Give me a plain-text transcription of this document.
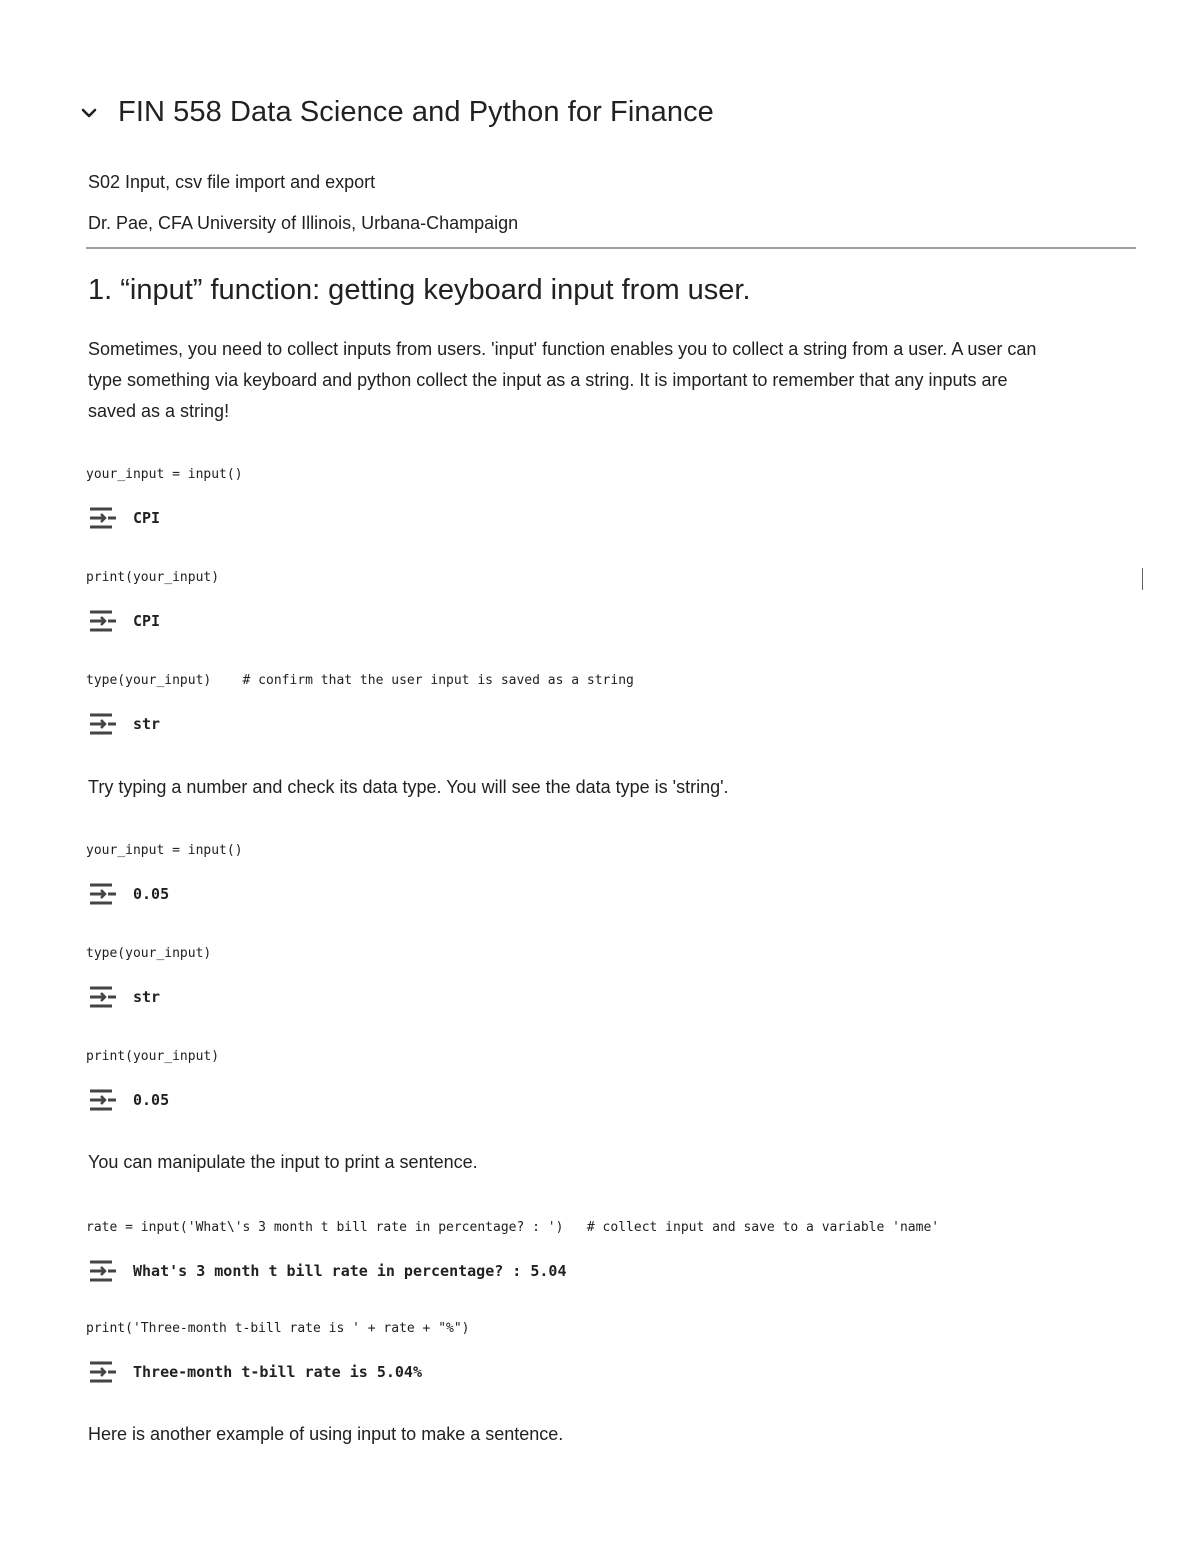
FIN 558 Data Science and Python for Finance
S02 Input, csv file import and export
Dr. Pae, CFA University of Illinois, Urbana-Champaign
1. “input” function: getting keyboard input from user.
Sometimes, you need to collect inputs from users. 'input' function enables you to collect a string from a user. A user can
type something via keyboard and python collect the input as a string. It is important to remember that any inputs are
saved as a string!
your_input = input()
CPI
print(your_input)
CPI
type(your_input)    # confirm that the user input is saved as a string
str
Try typing a number and check its data type. You will see the data type is 'string'.
your_input = input()
0.05
type(your_input)
str
print(your_input)
0.05
You can manipulate the input to print a sentence.
rate = input('What\'s 3 month t bill rate in percentage? : ')   # collect input and save to a variable 'name'
What's 3 month t bill rate in percentage? : 5.04
print('Three-month t-bill rate is ' + rate + "%")
Three-month t-bill rate is 5.04%
Here is another example of using input to make a sentence.
